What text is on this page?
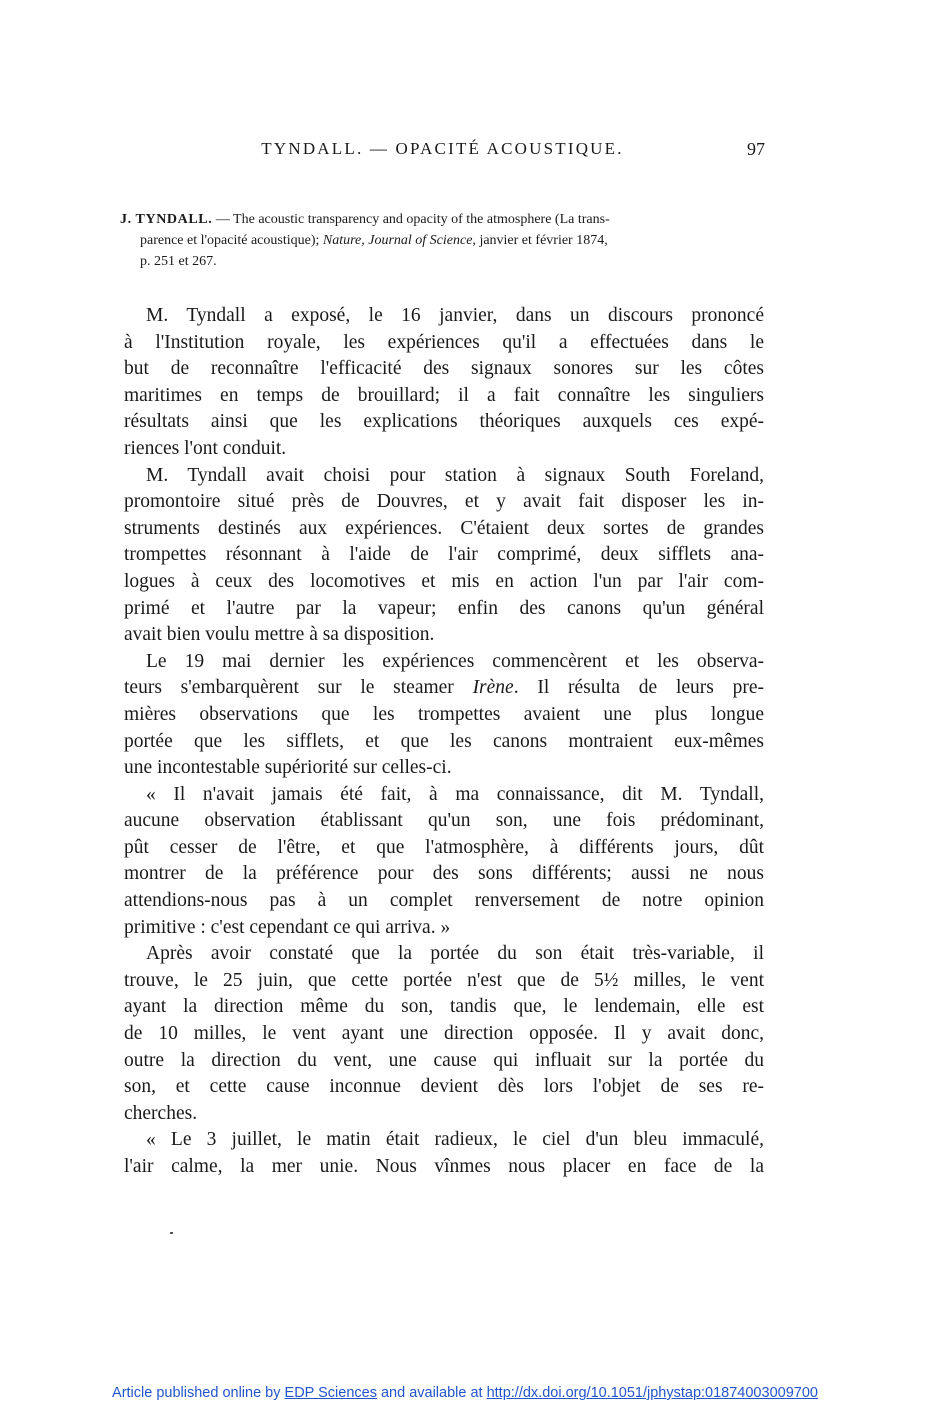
TYNDALL. — OPACITÉ ACOUSTIQUE.	97
J. TYNDALL. — The acoustic transparency and opacity of the atmosphere (La trans-
parence et l'opacité acoustique); Nature, Journal of Science, janvier et février 1874,
p. 251 et 267.
M. Tyndall a exposé, le 16 janvier, dans un discours prononcé
à l'Institution royale, les expériences qu'il a effectuées dans le
but de reconnaître l'efficacité des signaux sonores sur les côtes
maritimes en temps de brouillard; il a fait connaître les singuliers
résultats ainsi que les explications théoriques auxquels ces expé-
riences l'ont conduit.
M. Tyndall avait choisi pour station à signaux South Foreland,
promontoire situé près de Douvres, et y avait fait disposer les in-
struments destinés aux expériences. C'étaient deux sortes de grandes
trompettes résonnant à l'aide de l'air comprimé, deux sifflets ana-
logues à ceux des locomotives et mis en action l'un par l'air com-
primé et l'autre par la vapeur; enfin des canons qu'un général
avait bien voulu mettre à sa disposition.
Le 19 mai dernier les expériences commencèrent et les observa-
teurs s'embarquèrent sur le steamer Irène. Il résulta de leurs pre-
mières observations que les trompettes avaient une plus longue
portée que les sifflets, et que les canons montraient eux-mêmes
une incontestable supériorité sur celles-ci.
« Il n'avait jamais été fait, à ma connaissance, dit M. Tyndall,
aucune observation établissant qu'un son, une fois prédominant,
pût cesser de l'être, et que l'atmosphère, à différents jours, dût
montrer de la préférence pour des sons différents; aussi ne nous
attendions-nous pas à un complet renversement de notre opinion
primitive : c'est cependant ce qui arriva. »
Après avoir constaté que la portée du son était très-variable, il
trouve, le 25 juin, que cette portée n'est que de 5½ milles, le vent
ayant la direction même du son, tandis que, le lendemain, elle est
de 10 milles, le vent ayant une direction opposée. Il y avait donc,
outre la direction du vent, une cause qui influait sur la portée du
son, et cette cause inconnue devient dès lors l'objet de ses re-
cherches.
« Le 3 juillet, le matin était radieux, le ciel d'un bleu immaculé,
l'air calme, la mer unie. Nous vînmes nous placer en face de la
Article published online by EDP Sciences and available at http://dx.doi.org/10.1051/jphystap:01874003009700
